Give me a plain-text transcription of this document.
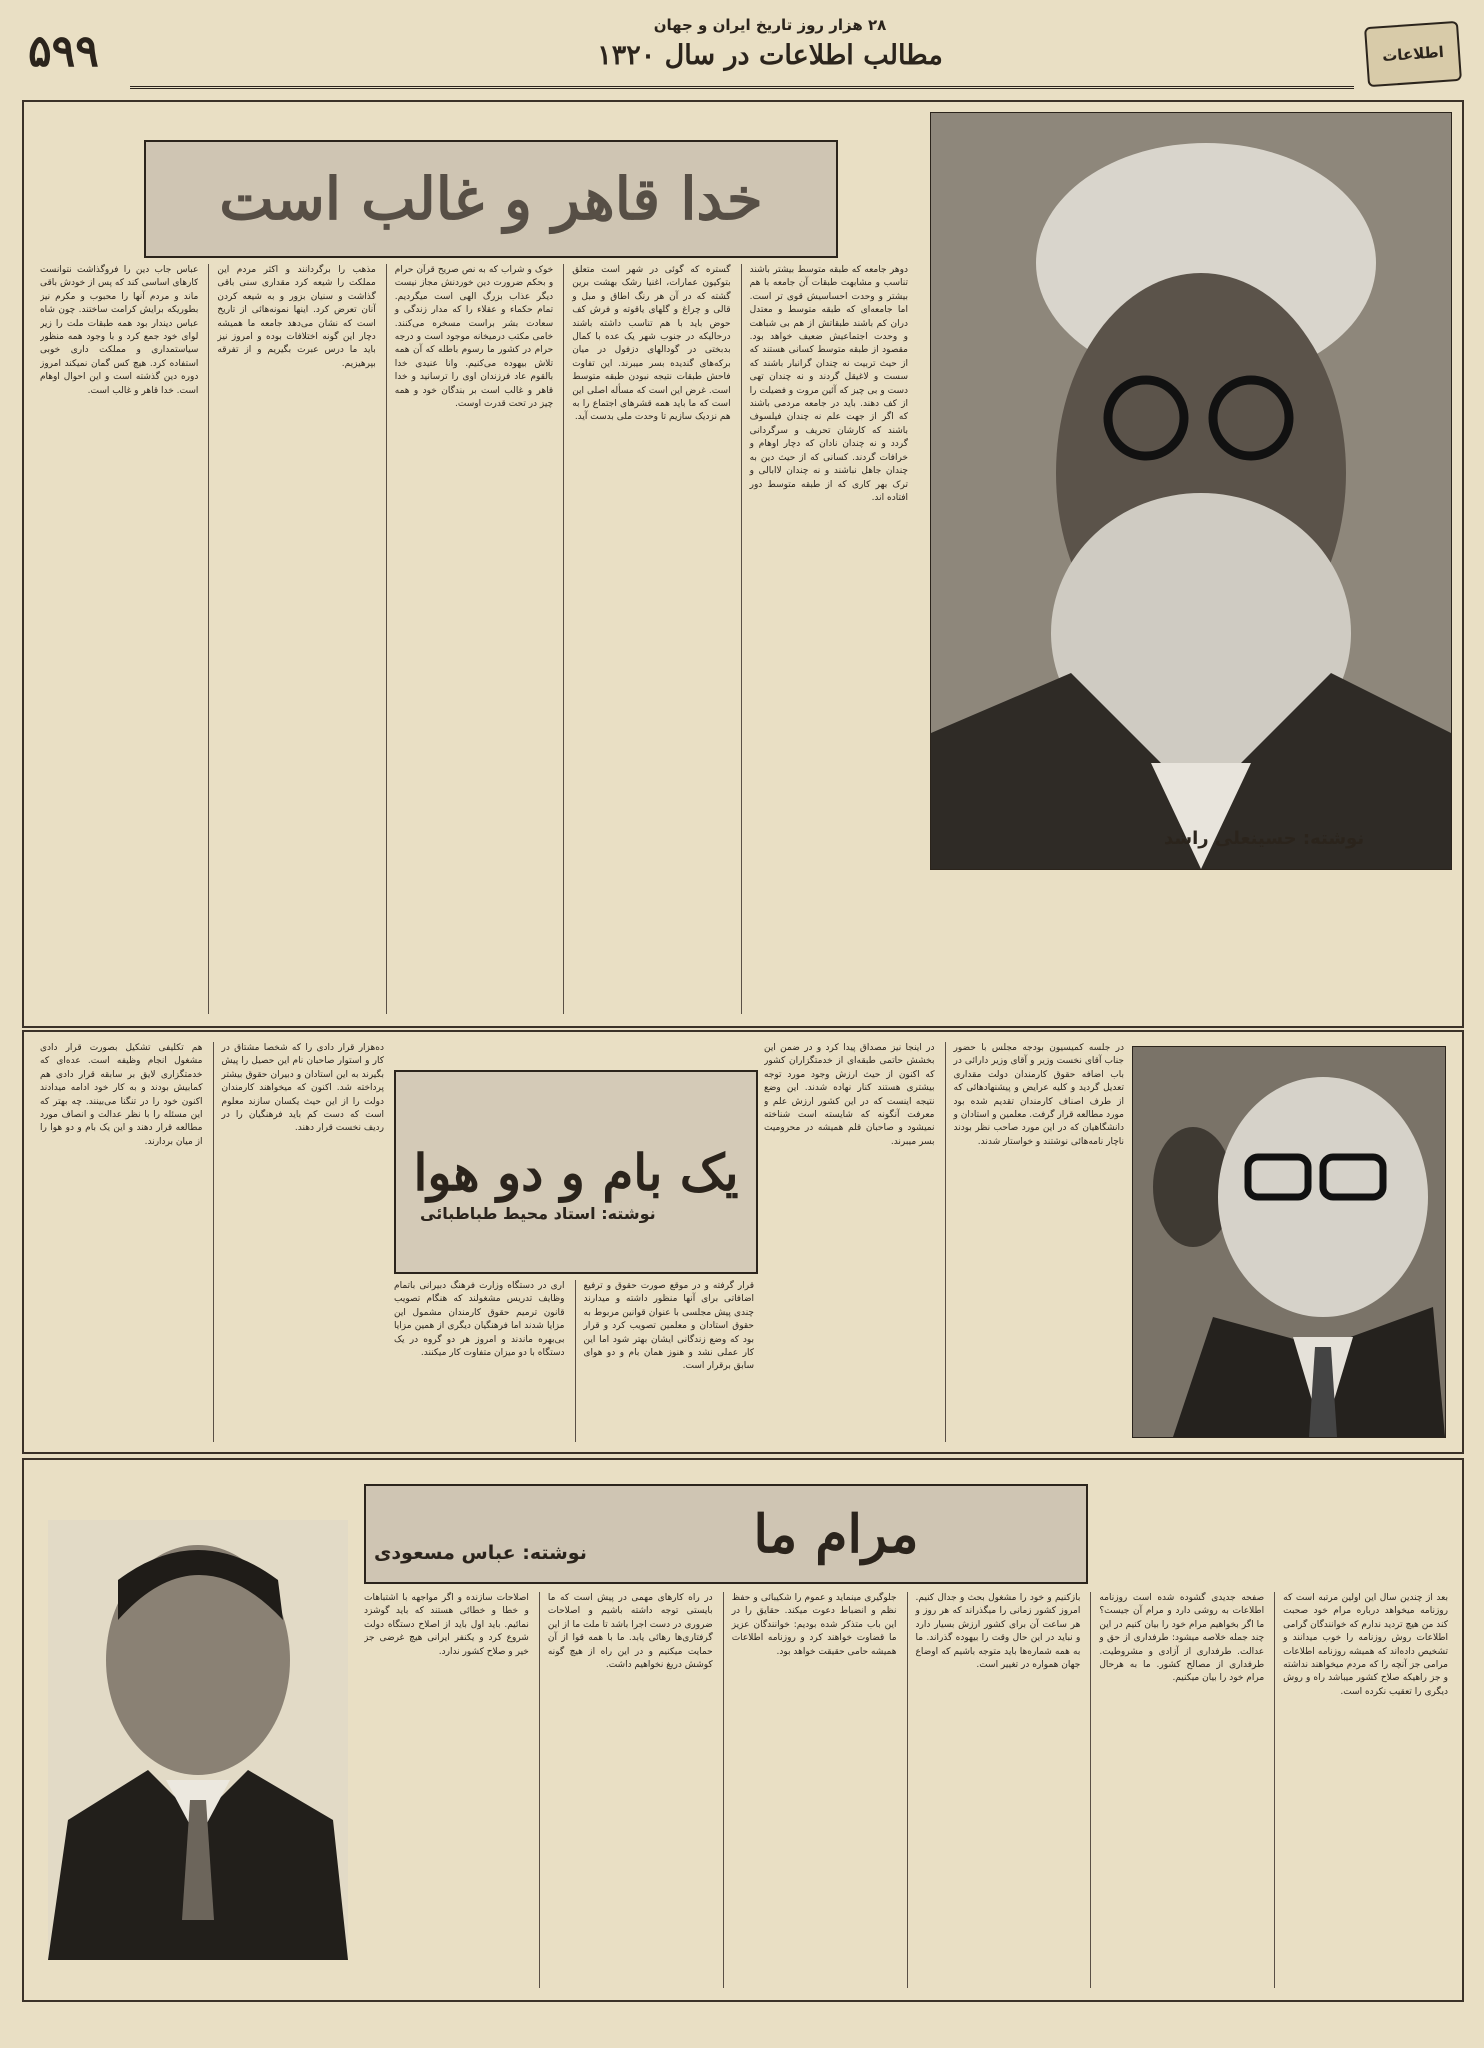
۵۹۹
۲۸ هزار روز تاریخ ایران و جهان
مطالب اطلاعات در سال ۱۳۲۰	اطلاعات
نوشته: حسینعلی راشد
خدا قاهر و غالب است

دوهر جامعه که طبقه متوسط بیشتر باشند تناسب و مشابهت طبقات آن جامعه با هم بیشتر و وحدت احساسیش قوی تر است. اما جامعه‌ای که طبقه متوسط و معتدل دران کم باشند طبقاتش از هم بی شباهت و وحدت اجتماعیش ضعیف خواهد بود. مقصود از طبقه متوسط کسانی هستند که از حیث تربیت نه چندان گرانبار باشند که سست و لاغیقل گردند و نه چندان تهی دست و بی چیز که آئین مروت و فضیلت را از کف دهند. باید در جامعه مردمی باشند که اگر از جهت علم نه چندان فیلسوف باشند که کارشان تحریف و سرگردانی گردد و نه چندان نادان که دچار اوهام و خرافات گردند. کسانی که از حیث دین به چندان جاهل نباشند و نه چندان لاابالی و ترک بهر کاری که از طبقه متوسط دور افتاده اند.

گستره که گوئی در شهر است متعلق بتوکیون عمارات، اغنیا رشک بهشت برین گشته که در آن هر رنگ اطاق و مبل و قالی و چراغ و گلهای یاقوته و فرش کف حوض باید با هم تناسب داشته باشند درحالیکه در جنوب شهر یک عده با کمال بدبختی در گودالهای دزفول در میان برکه‌های گندیده بسر میبرند. این تفاوت فاحش طبقات نتیجه نبودن طبقه متوسط است. غرض این است که مسأله اصلی این است که ما باید همه قشرهای اجتماع را به هم نزدیک سازیم تا وحدت ملی بدست آید.

خوک و شراب که به نص صریح قرآن حرام و بحکم ضرورت دین خوردنش مجاز نیست دیگر عذاب بزرگ الهی است میگردیم. تمام حکماء و عقلاء را که مدار زندگی و سعادت بشر براست مسخره می‌کنند. خامی مکتب درمیخانه موجود است و درجه حرام در کشور ما رسوم باطله که آن همه تلاش بیهوده می‌کنیم. وانا عنیدی خدا بالقوم عاد فرزندان اوی را ترسانید و خدا قاهر و غالب است بر بندگان خود و همه چیز در تحت قدرت اوست.

مذهب را برگردانند و اکثر مردم این مملکت را شیعه کرد مقداری سنی باقی گذاشت و سنیان بزور و به شیعه کردن آنان تعرض کرد. اینها نمونه‌هائی از تاریخ است که نشان می‌دهد جامعه ما همیشه دچار این گونه اختلافات بوده و امروز نیز باید ما درس عبرت بگیریم و از تفرقه بپرهیزیم.

عباس جاب دین را فروگذاشت نتوانست کارهای اساسی کند که پس از خودش باقی ماند و مردم آنها را محبوب و مکرم نیز بطوریکه برایش کرامت ساختند. چون شاه عباس دیندار بود همه طبقات ملت را زیر لوای خود جمع کرد و با وجود همه منظور سیاستمداری و مملکت داری خوبی استفاده کرد. هیچ کس گمان نمیکند امروز دوره دین گذشته است و این احوال اوهام است. خدا قاهر و غالب است.

یک بام و دو هوا
نوشته: استاد محیط طباطبائی

در جلسه کمیسیون بودجه مجلس با حضور جناب آقای نخست وزیر و آقای وزیر دارائی در باب اضافه حقوق کارمندان دولت مقداری تعدیل گردید و کلیه عرایض و پیشنهادهائی که از طرف اصناف کارمندان تقدیم شده بود مورد مطالعه قرار گرفت. معلمین و استادان و دانشگاهیان که در این مورد صاحب نظر بودند ناچار نامه‌هائی نوشتند و خواستار شدند.

در اینجا نیز مصداق پیدا کرد و در ضمن این بخشش حاتمی طبقه‌ای از خدمتگزاران کشور که اکنون از حیث ارزش وجود مورد توجه بیشتری هستند کنار نهاده شدند. این وضع نتیجه اینست که در این کشور ارزش علم و معرفت آنگونه که شایسته است شناخته نمیشود و صاحبان قلم همیشه در محرومیت بسر میبرند.

قرار گرفته و در موقع صورت حقوق و ترفیع اضافاتی برای آنها منظور داشته و میدارند چندی پیش مجلسی با عنوان قوانین مربوط به حقوق استادان و معلمین تصویب کرد و قرار بود که وضع زندگانی ایشان بهتر شود اما این کار عملی نشد و هنوز همان بام و دو هوای سابق برقرار است.

اری در دستگاه وزارت فرهنگ دبیرانی باتمام وظایف تدریس مشغولند که هنگام تصویب قانون ترمیم حقوق کارمندان مشمول این مزایا شدند اما فرهنگیان دیگری از همین مزایا بی‌بهره ماندند و امروز هر دو گروه در یک دستگاه با دو میزان متفاوت کار میکنند.

ده‌هزار قرار دادی را که شخصا مشتاق در کار و استوار صاحبان نام این حصیل را پیش بگیرند به این استادان و دبیران حقوق بیشتر پرداخته شد. اکنون که میخواهند کارمندان دولت را از این حیث یکسان سازند معلوم است که دست کم باید فرهنگیان را در ردیف نخست قرار دهند.

هم تکلیفی تشکیل بصورت قرار دادی مشغول انجام وظیفه است. عده‌ای که خدمتگزاری لایق بر سابقه قرار دادی هم کمابیش بودند و به کار خود ادامه میدادند اکنون خود را در تنگنا می‌بینند. چه بهتر که این مسئله را با نظر عدالت و انصاف مورد مطالعه قرار دهند و این یک بام و دو هوا را از میان بردارند.

مرام ما
نوشته: عباس مسعودی

بعد از چندین سال این اولین مرتبه است که روزنامه میخواهد درباره مرام خود صحبت کند من هیچ تردید ندارم که خوانندگان گرامی اطلاعات روش روزنامه را خوب میدانند و تشخیص داده‌اند که همیشه روزنامه اطلاعات مرامی جز آنچه را که مردم میخواهند نداشته و جز راهیکه صلاح کشور میباشد راه و روش دیگری را تعقیب نکرده است.

صفحه جدیدی گشوده شده است روزنامه اطلاعات به روشی دارد و مرام آن جیست؟ ما اگر بخواهیم مرام خود را بیان کنیم در این چند جمله خلاصه میشود: طرفداری از حق و عدالت. طرفداری از آزادی و مشروطیت. طرفداری از مصالح کشور. ما به هرحال مرام خود را بیان میکنیم.

بازکنیم و خود را مشغول بحث و جدال کنیم. امروز کشور زمانی را میگذراند که هر روز و هر ساعت آن برای کشور ارزش بسیار دارد و نباید در این حال وقت را بیهوده گذراند. ما به همه شماره‌ها باید متوجه باشیم که اوضاع جهان همواره در تغییر است.

جلوگیری مینماید و عموم را شکیبائی و حفظ نظم و انضباط دعوت میکند. حقایق را در این باب متذکر شده بودیم: خوانندگان عزیز ما قضاوت خواهند کرد و روزنامه اطلاعات همیشه حامی حقیقت خواهد بود.

در راه کارهای مهمی در پیش است که ما بایستی توجه داشته باشیم و اصلاحات ضروری در دست اجرا باشد تا ملت ما از این گرفتاری‌ها رهائی یابد. ما با همه قوا از آن حمایت میکنیم و در این راه از هیچ گونه کوشش دریغ نخواهیم داشت.

اصلاحات سازنده و اگر مواجهه با اشتباهات و خطا و خطائی هستند که باید گوشزد نمائیم. باید اول باید از اصلاح دستگاه دولت شروع کرد و یکنفر ایرانی هیچ غرضی جز خیر و صلاح کشور ندارد.
